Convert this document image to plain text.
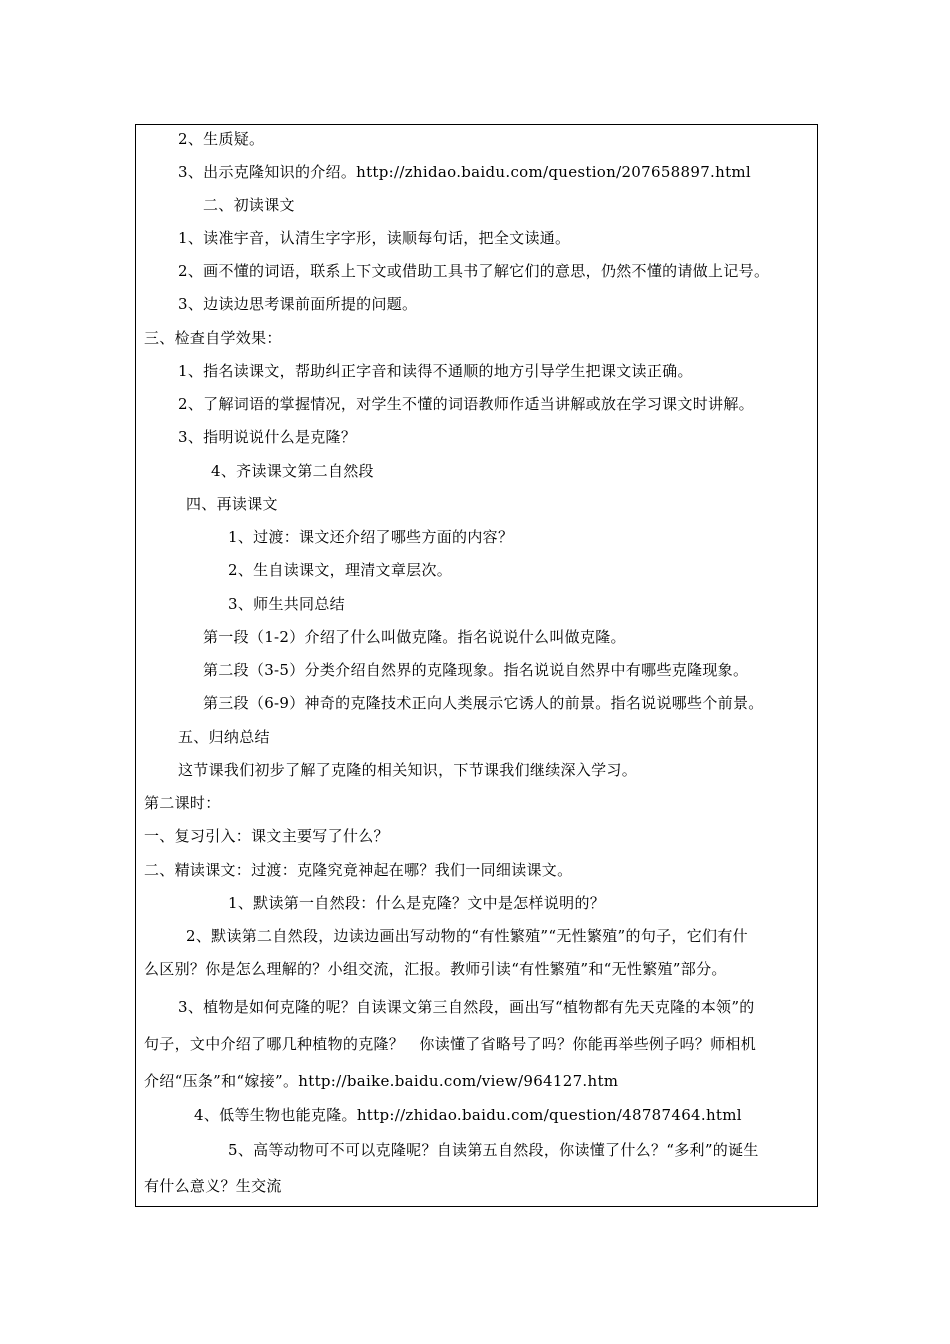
2、生质疑。
3、出示克隆知识的介绍。http://zhidao.baidu.com/question/207658897.html
二、初读课文
1、读准宇音，认清生字字形，读顺每句话，把全文读通。
2、画不懂的词语，联系上下文或借助工具书了解它们的意思，仍然不懂的请做上记号。
3、边读边思考课前面所提的问题。
三、检查自学效果：
1、指名读课文，帮助纠正字音和读得不通顺的地方引导学生把课文读正确。
2、了解词语的掌握情况，对学生不懂的词语教师作适当讲解或放在学习课文时讲解。
3、指明说说什么是克隆？
4、齐读课文第二自然段
四、再读课文
1、过渡：课文还介绍了哪些方面的内容？
2、生自读课文，理清文章层次。
3、师生共同总结
第一段（1-2）介绍了什么叫做克隆。指名说说什么叫做克隆。
第二段（3-5）分类介绍自然界的克隆现象。指名说说自然界中有哪些克隆现象。
第三段（6-9）神奇的克隆技术正向人类展示它诱人的前景。指名说说哪些个前景。
五、归纳总结
这节课我们初步了解了克隆的相关知识，下节课我们继续深入学习。
第二课时：
一、复习引入：课文主要写了什么？
二、精读课文：过渡：克隆究竟神起在哪？我们一同细读课文。
1、默读第一自然段：什么是克隆？文中是怎样说明的？
2、默读第二自然段，边读边画出写动物的“有性繁殖”“无性繁殖”的句子，它们有什
么区别？你是怎么理解的？小组交流，汇报。教师引读“有性繁殖”和“无性繁殖”部分。
3、植物是如何克隆的呢？自读课文第三自然段，画出写“植物都有先天克隆的本领”的
句子，文中介绍了哪几种植物的克隆？　你读懂了省略号了吗？你能再举些例子吗？师相机
介绍“压条”和“嫁接”。http://baike.baidu.com/view/964127.htm
4、低等生物也能克隆。http://zhidao.baidu.com/question/48787464.html
5、高等动物可不可以克隆呢？自读第五自然段，你读懂了什么？“多利”的诞生
有什么意义？生交流
